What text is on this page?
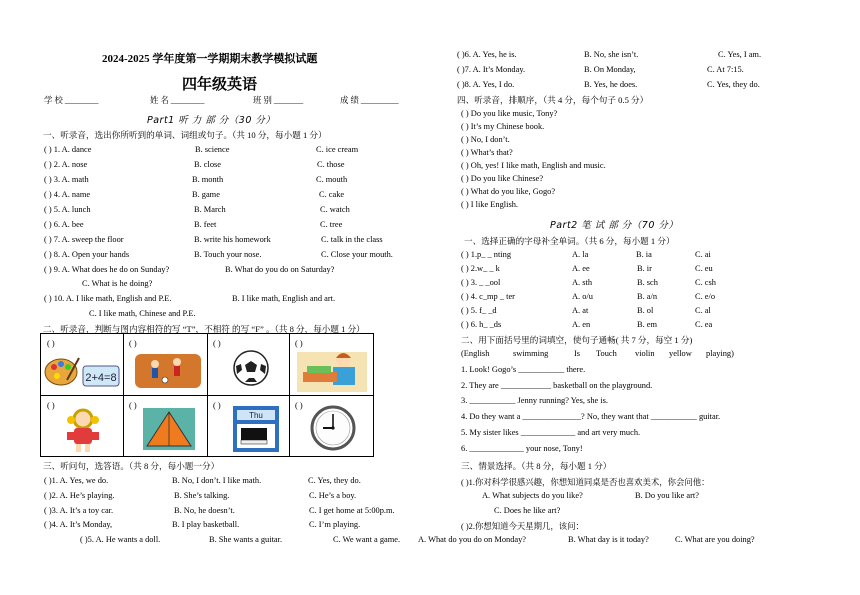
2024-2025 学年度第一学期期末教学模拟试题
四年级英语
学 校 ________	姓 名 ________	班 别 _______	成 绩 _________
Part1 听 力 部 分（30 分）
一、听录音，选出你所听到的单词、词组或句子。（共 10 分，每小题 1 分）
( ) 1. A. dance	B. science	C. ice cream
( ) 2. A. nose	B. close	C. those
( ) 3. A. math	B. month	C. mouth
( ) 4. A. name	B. game	C. cake
( ) 5. A. lunch	B. March	C. watch
( ) 6. A. bee	B. feet	C. tree
( ) 7. A. sweep the floor	B. write his homework	C. talk in the class
( ) 8. A. Open your hands	B. Touch your nose.	C. Close your mouth.
( ) 9. A. What does he do on Sunday?	B. What do you do on Saturday?
C. What is he doing?
( ) 10. A. I like math, English and P.E.	B. I like math, English and art.
C. I like math, Chinese and P.E.
二、听录音，判断与图内容相符的写 “T”，不相符 的写 “F” 。（共 8 分，每小题 1 分）
( )	( )	( )	( )
( )	( )	( )	( )
2+4=8
Thu
三、听问句，选答语。（共 8 分，每小题一分）
( )1. A. Yes, we do.	B. No, I don’t. I like math.	C. Yes, they do.
( )2. A. He’s playing.	B. She’s talking.	C. He’s a boy.
( )3. A. It’s a toy car.	B. No, he doesn’t.	C. I get home at 5:00p.m.
( )4. A. It’s Monday,	B. I play basketball.	C. I’m playing.
( )5. A. He wants a doll.	B. She wants a guitar.	C. We want a game.
( )6. A. Yes, he is.	B. No, she isn’t.	C. Yes, I am.
( )7. A. It’s Monday.	B. On Monday,	C. At 7:15.
( )8. A. Yes, I do.	B. Yes, he does.	C. Yes, they do.
四、听录音，排顺序，（共 4 分，每个句子 0.5 分）
( ) Do you like music, Tony?
( ) It’s my Chinese book.
( ) No, I don’t.
( ) What’s that?
( ) Oh, yes! I like math, English and music.
( ) Do you like Chinese?
( ) What do you like, Gogo?
( ) I like English.
Part2 笔 试 部 分（70 分）
一、选择正确的字母补全单词。（共 6 分，每小题 1 分）
( ) 1.p_ _ nting	A. la	B. ia	C. ai
( ) 2.w_ _ k	A. ee	B. ir	C. eu
( ) 3. _ _ool	A. sth	B. sch	C. csh
( ) 4. c_mp _ ter	A. o/u	B. a/n	C. e/o
( ) 5. f_ _d	A. at	B. ol	C. al
( ) 6. h_ _ds	A. en	B. em	C. ea
二、用下面括号里的词填空，使句子通畅( 共 7 分，每空 1 分)
(English	swimming	Is Touch violin yellow playing)
1. Look! Gogo’s ___________ there.
2. They are ____________ basketball on the playground.
3. ___________ Jenny running? Yes, she is.
4. Do they want a ______________? No, they want that ___________ guitar.
5. My sister likes _____________ and art very much.
6. _____________ your nose, Tony!
三、情景选择。（共 8 分，每小题 1 分）
( )1.你对科学很感兴趣，你想知道同桌是否也喜欢美术，你会问他：
A. What subjects do you like?	B. Do you like art?
C. Does he like art?
( )2.你想知道今天星期几，该问：
A. What do you do on Monday?	B. What day is it today?	C. What are you doing?
